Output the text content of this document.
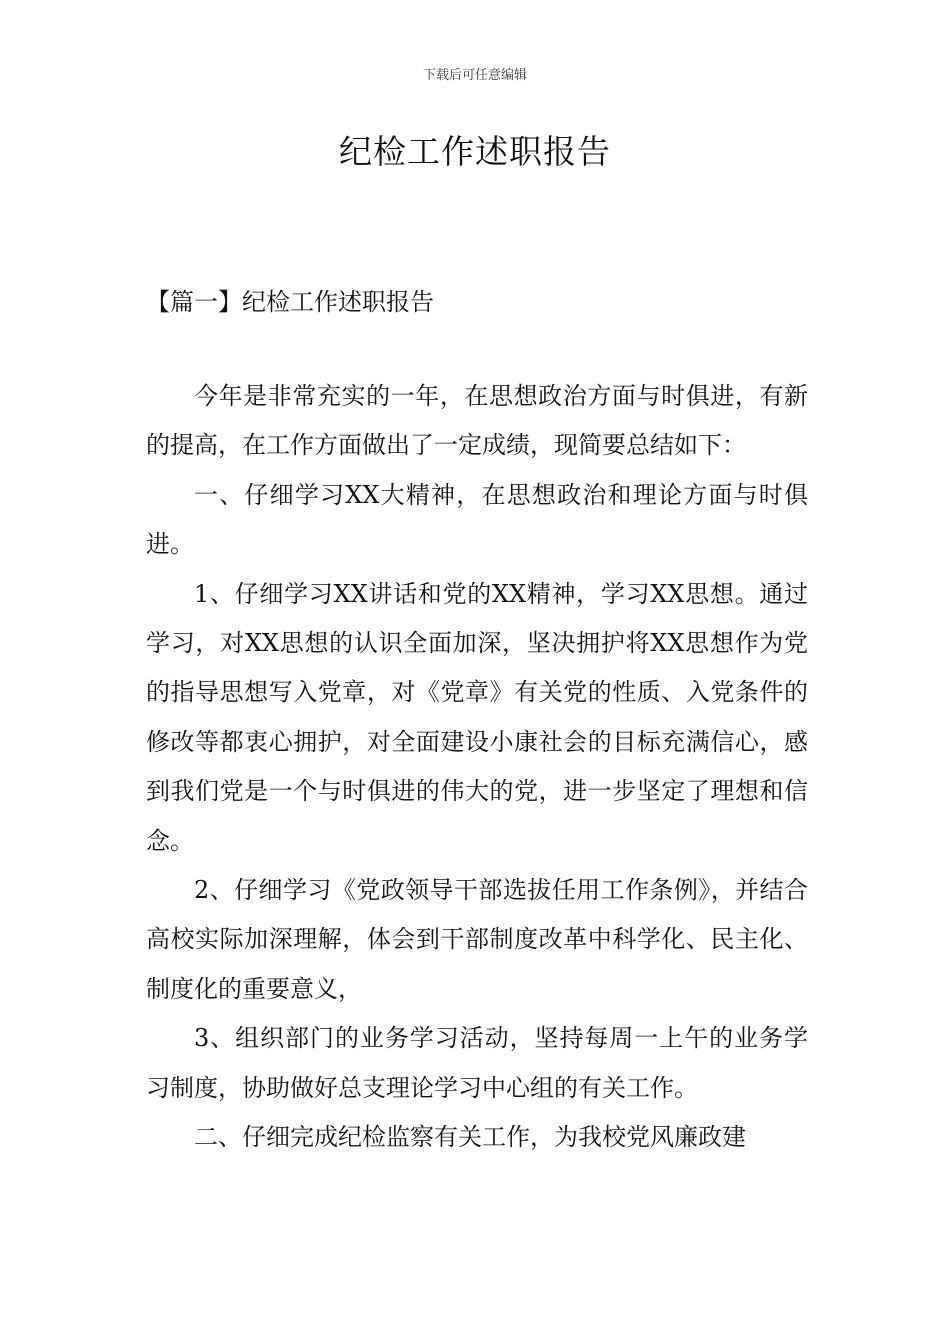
下载后可任意编辑
纪检工作述职报告
【篇一】纪检工作述职报告

今年是非常充实的一年，在思想政治方面与时俱进，有新的提高，在工作方面做出了一定成绩，现简要总结如下：

一、仔细学习XX大精神，在思想政治和理论方面与时俱进。

1、仔细学习XX讲话和党的XX精神，学习XX思想。通过学习，对XX思想的认识全面加深，坚决拥护将XX思想作为党的指导思想写入党章，对《党章》有关党的性质、入党条件的修改等都衷心拥护，对全面建设小康社会的目标充满信心，感到我们党是一个与时俱进的伟大的党，进一步坚定了理想和信念。

2、仔细学习《党政领导干部选拔任用工作条例》，并结合高校实际加深理解，体会到干部制度改革中科学化、民主化、制度化的重要意义，

3、组织部门的业务学习活动，坚持每周一上午的业务学习制度，协助做好总支理论学习中心组的有关工作。

二、仔细完成纪检监察有关工作，为我校党风廉政建
